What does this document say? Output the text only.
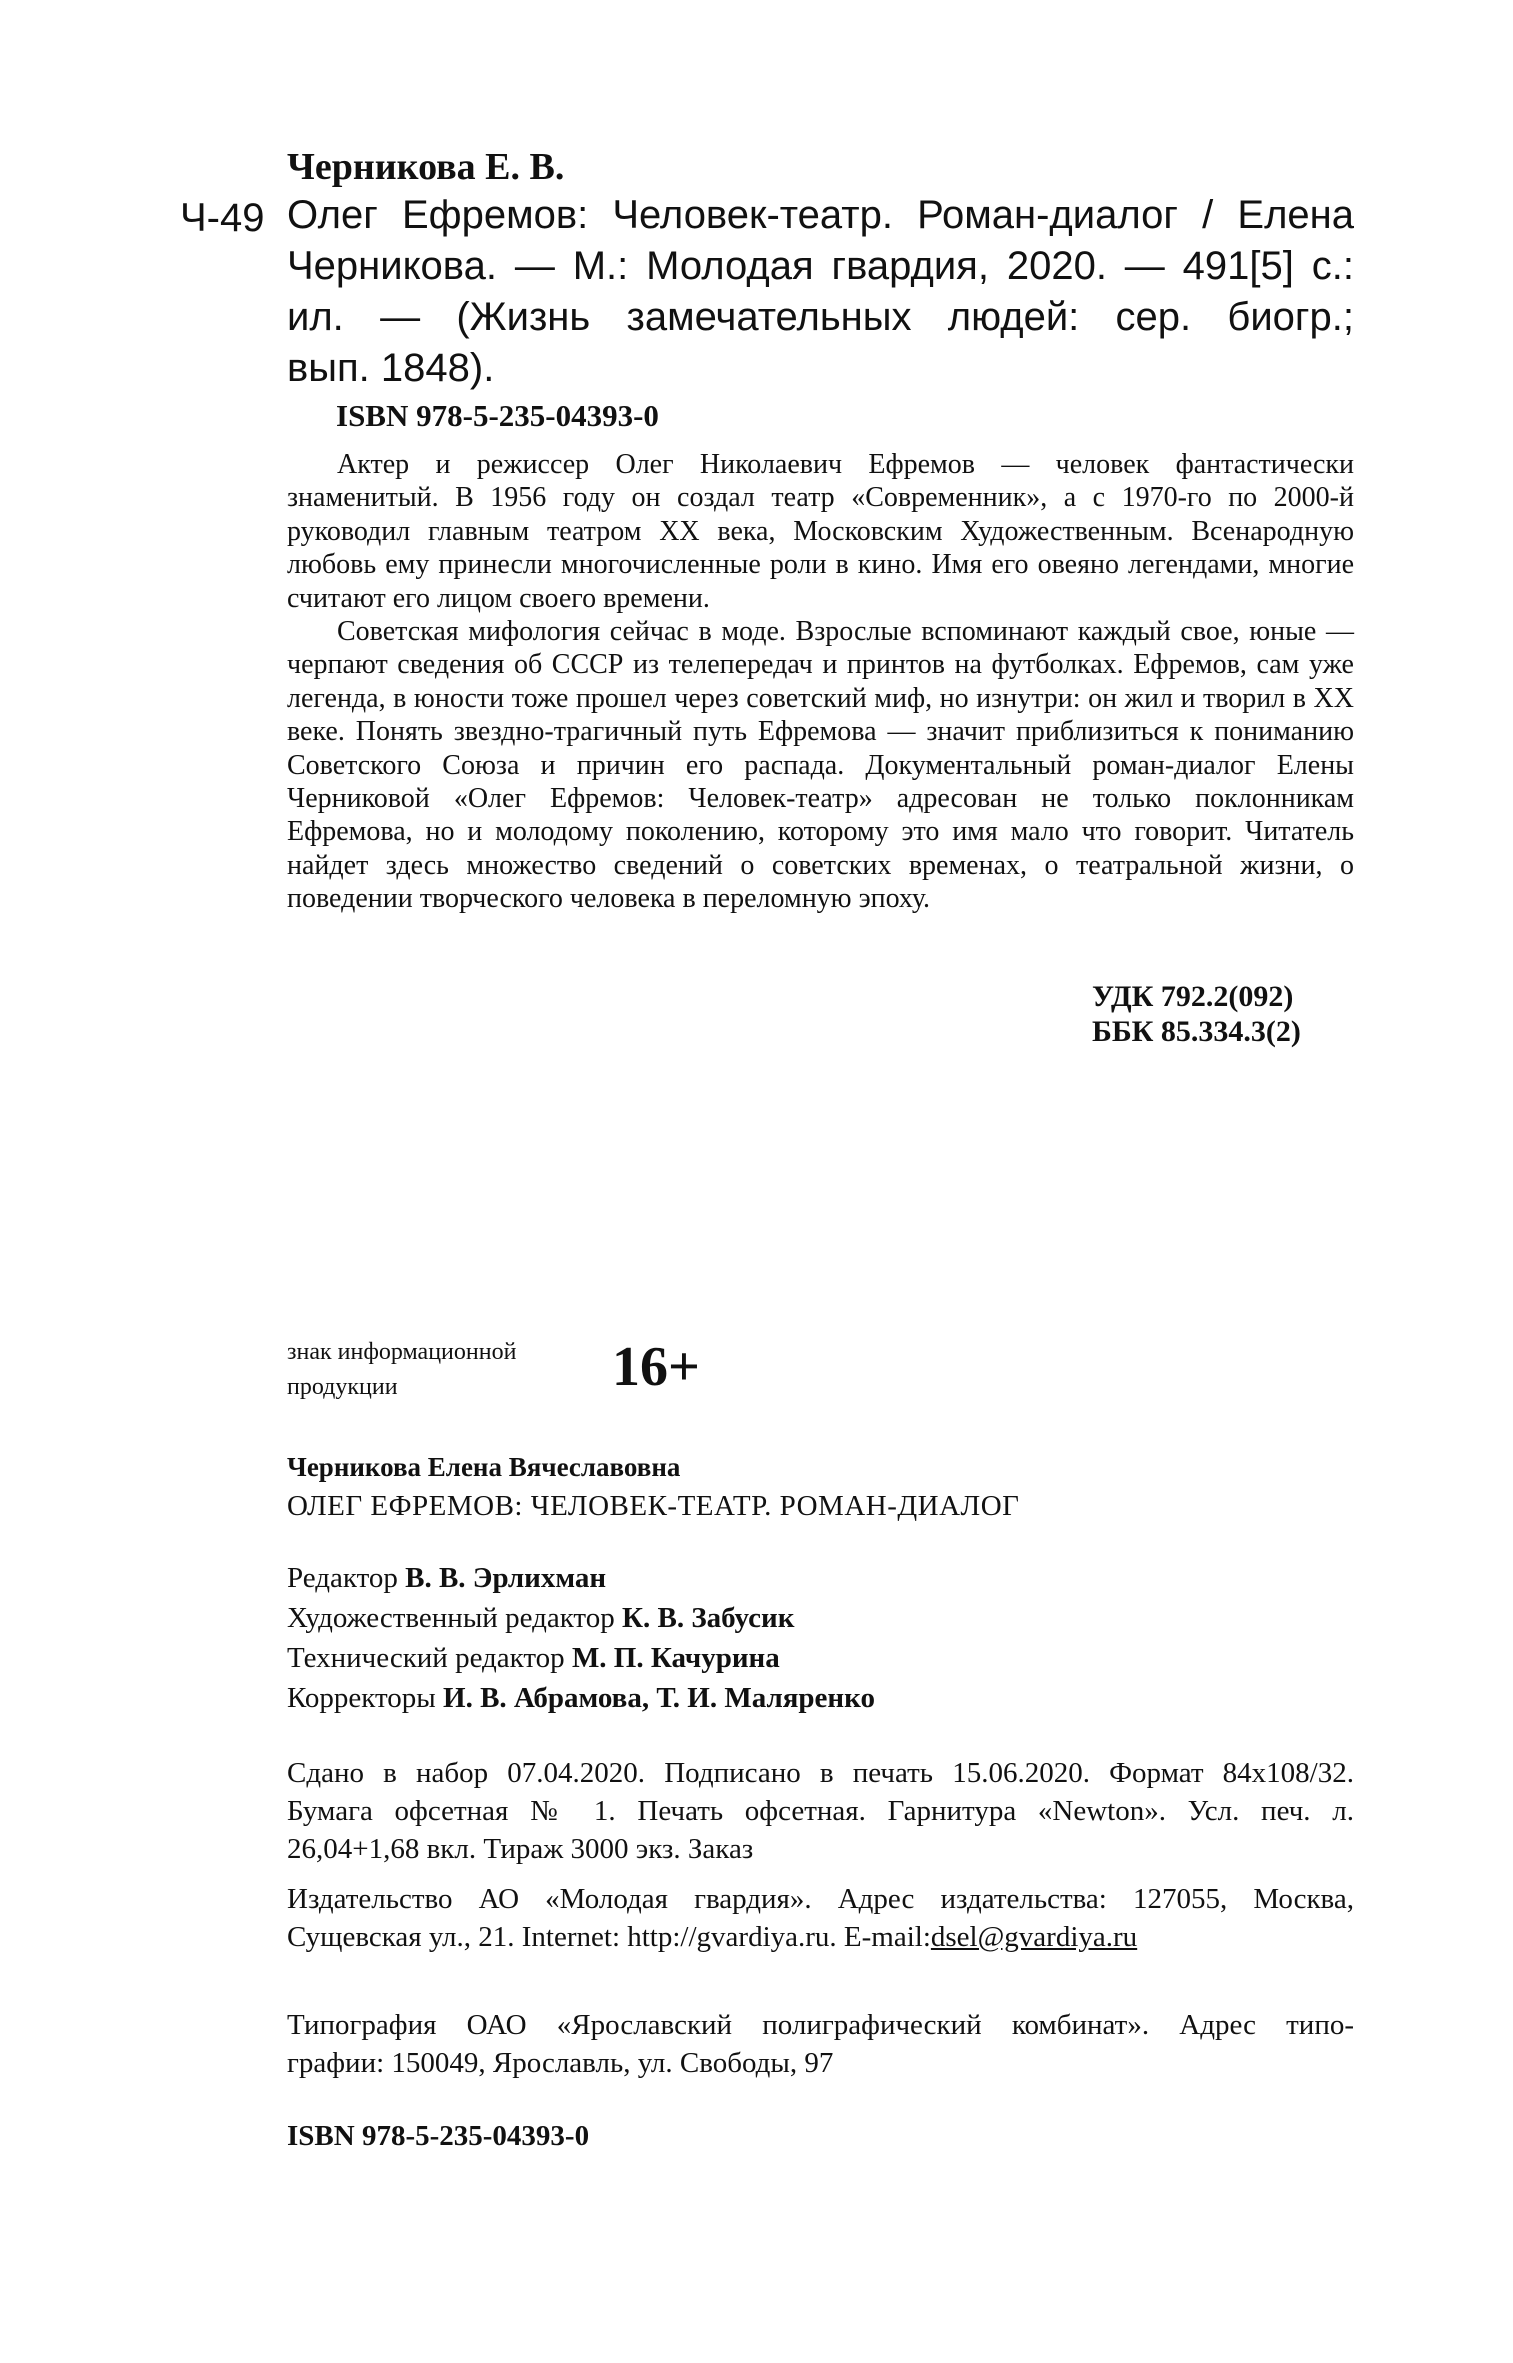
Черникова Е. В.
Ч-49 Олег Ефремов: Человек-театр. Роман-диалог / Елена
Черникова. — М.: Молодая гвардия, 2020. — 491[5] с.:
ил. — (Жизнь замечательных людей: сер. биогр.;
вып. 1848).
ISBN 978-5-235-04393-0

Актер и режиссер Олег Николаевич Ефремов — человек фантастически знаменитый. В 1956 году он создал театр «Современник», а с 1970-го по 2000-й руководил главным театром XX века, Московским Художественным. Всенародную любовь ему принесли многочисленные роли в кино. Имя его овеяно легендами, многие считают его лицом своего времени.

Советская мифология сейчас в моде. Взрослые вспоминают каждый свое, юные — черпают сведения об СССР из телепередач и принтов на футболках. Ефремов, сам уже легенда, в юности тоже прошел через советский миф, но изнутри: он жил и творил в XX веке. Понять звездно-трагичный путь Ефремова — значит приблизиться к пониманию Советского Союза и причин его распада. Документальный роман-диалог Елены Черниковой «Олег Ефремов: Человек-театр» адресован не только поклонникам Ефремова, но и молодому поколению, которому это имя мало что говорит. Читатель найдет здесь множество сведений о советских временах, о театральной жизни, о поведении творческого человека в переломную эпоху.

УДК 792.2(092)
ББК 85.334.3(2)
знак информационной
продукции	16+
Черникова Елена Вячеславовна
ОЛЕГ ЕФРЕМОВ: ЧЕЛОВЕК-ТЕАТР. РОМАН-ДИАЛОГ
Редактор В. В. Эрлихман
Художественный редактор К. В. Забусик
Технический редактор М. П. Качурина
Корректоры И. В. Абрамова, Т. И. Маляренко
Сдано в набор 07.04.2020. Подписано в печать 15.06.2020. Формат 84х108/32.
Бумага офсетная № 1. Печать офсетная. Гарнитура «Newton». Усл. печ. л.
26,04+1,68 вкл. Тираж 3000 экз. Заказ
Издательство АО «Молодая гвардия». Адрес издательства: 127055, Москва,
Сущевская ул., 21. Internet: http://gvardiya.ru. E-mail:dsel@gvardiya.ru
Типография ОАО «Ярославский полиграфический комбинат». Адрес типо-
графии: 150049, Ярославль, ул. Свободы, 97
ISBN 978-5-235-04393-0
